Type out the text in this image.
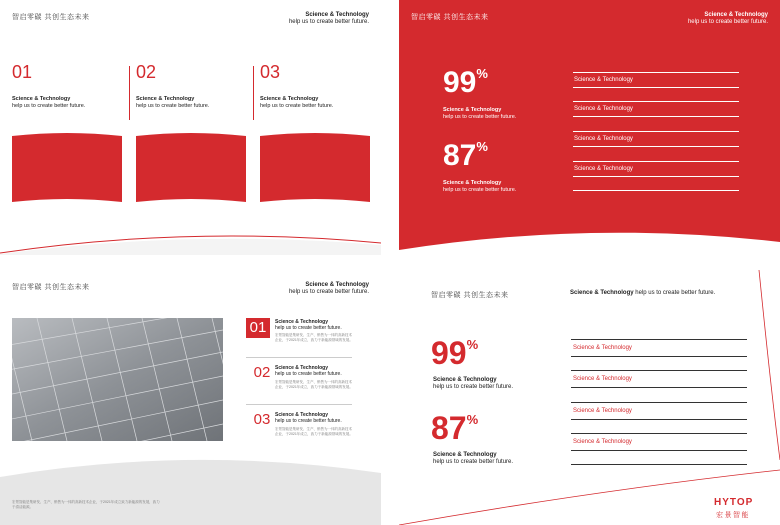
智启零碳 共创生态未来	Science & Technology
help us to create better future.
01
Science & Technology
help us to create better future.
02
Science & Technology
help us to create better future.
03
Science & Technology
help us to create better future.
智启零碳 共创生态未来	Science & Technology
help us to create better future.
99%
Science & Technology
help us to create better future.
87%
Science & Technology
help us to create better future.
Science & Technology
Science & Technology
Science & Technology
Science & Technology
智启零碳 共创生态未来	Science & Technology
help us to create better future.
01	Science & Technology
help us to create better future.
宏景智能是集研发、生产、销售为一体的高新技术企业，于2021年成立，致力于新能源领域的发展。
02 Science & Technology
help us to create better future.
宏景智能是集研发、生产、销售为一体的高新技术企业，于2021年成立，致力于新能源领域的发展。
03 Science & Technology
help us to create better future.
宏景智能是集研发、生产、销售为一体的高新技术企业，于2021年成立，致力于新能源领域的发展。
宏景智能是集研发、生产、销售为一体的高新技术企业，于2021年成立致力新能源的发展，致力于清洁能源。
智启零碳 共创生态未来	Science & Technology help us to create better future.
99%
Science & Technology
help us to create better future.
87%
Science & Technology
help us to create better future.
Science & Technology
Science & Technology
Science & Technology
Science & Technology
HYTOP
宏景智能
